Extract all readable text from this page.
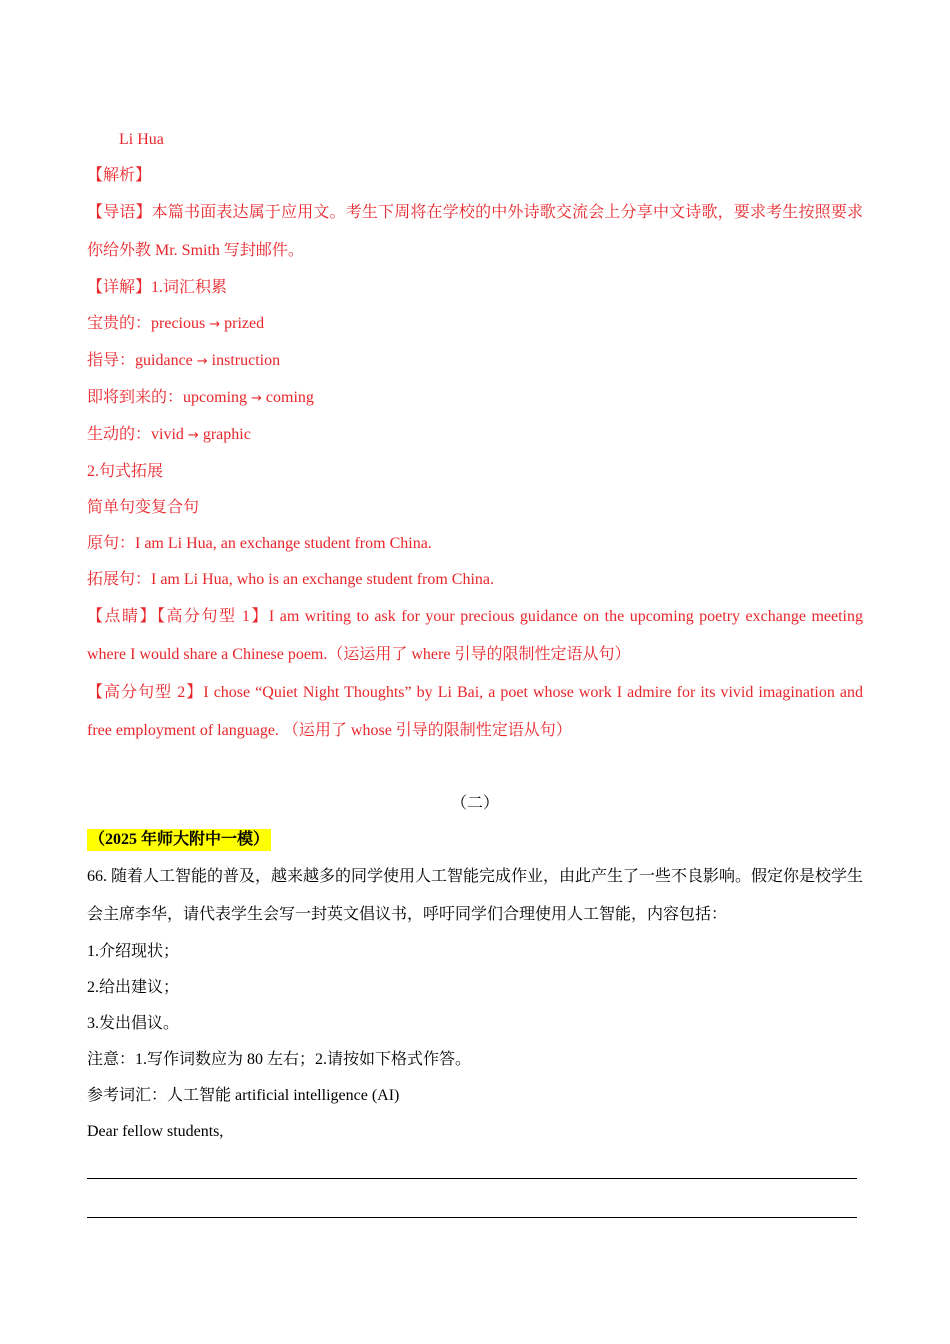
Li Hua
【解析】
【导语】本篇书面表达属于应用文。考生下周将在学校的中外诗歌交流会上分享中文诗歌，要求考生按照要求你给外教 Mr. Smith 写封邮件。
【详解】1.词汇积累
宝贵的：precious → prized
指导：guidance → instruction
即将到来的：upcoming → coming
生动的：vivid → graphic
2.句式拓展
简单句变复合句
原句：I am Li Hua, an exchange student from China.
拓展句：I am Li Hua, who is an exchange student from China.
【点睛】【高分句型 1】I am writing to ask for your precious guidance on the upcoming poetry exchange meeting where I would share a Chinese poem.（运运用了 where 引导的限制性定语从句）
【高分句型 2】I chose “Quiet Night Thoughts” by Li Bai, a poet whose work I admire for its vivid imagination and free employment of language. （运用了 whose 引导的限制性定语从句）
（二）
（2025 年师大附中一模）
66. 随着人工智能的普及，越来越多的同学使用人工智能完成作业，由此产生了一些不良影响。假定你是校学生会主席李华，请代表学生会写一封英文倡议书，呼吁同学们合理使用人工智能，内容包括：
1.介绍现状；
2.给出建议；
3.发出倡议。
注意：1.写作词数应为 80 左右；2.请按如下格式作答。
参考词汇：人工智能 artificial intelligence (AI)
Dear fellow students,
